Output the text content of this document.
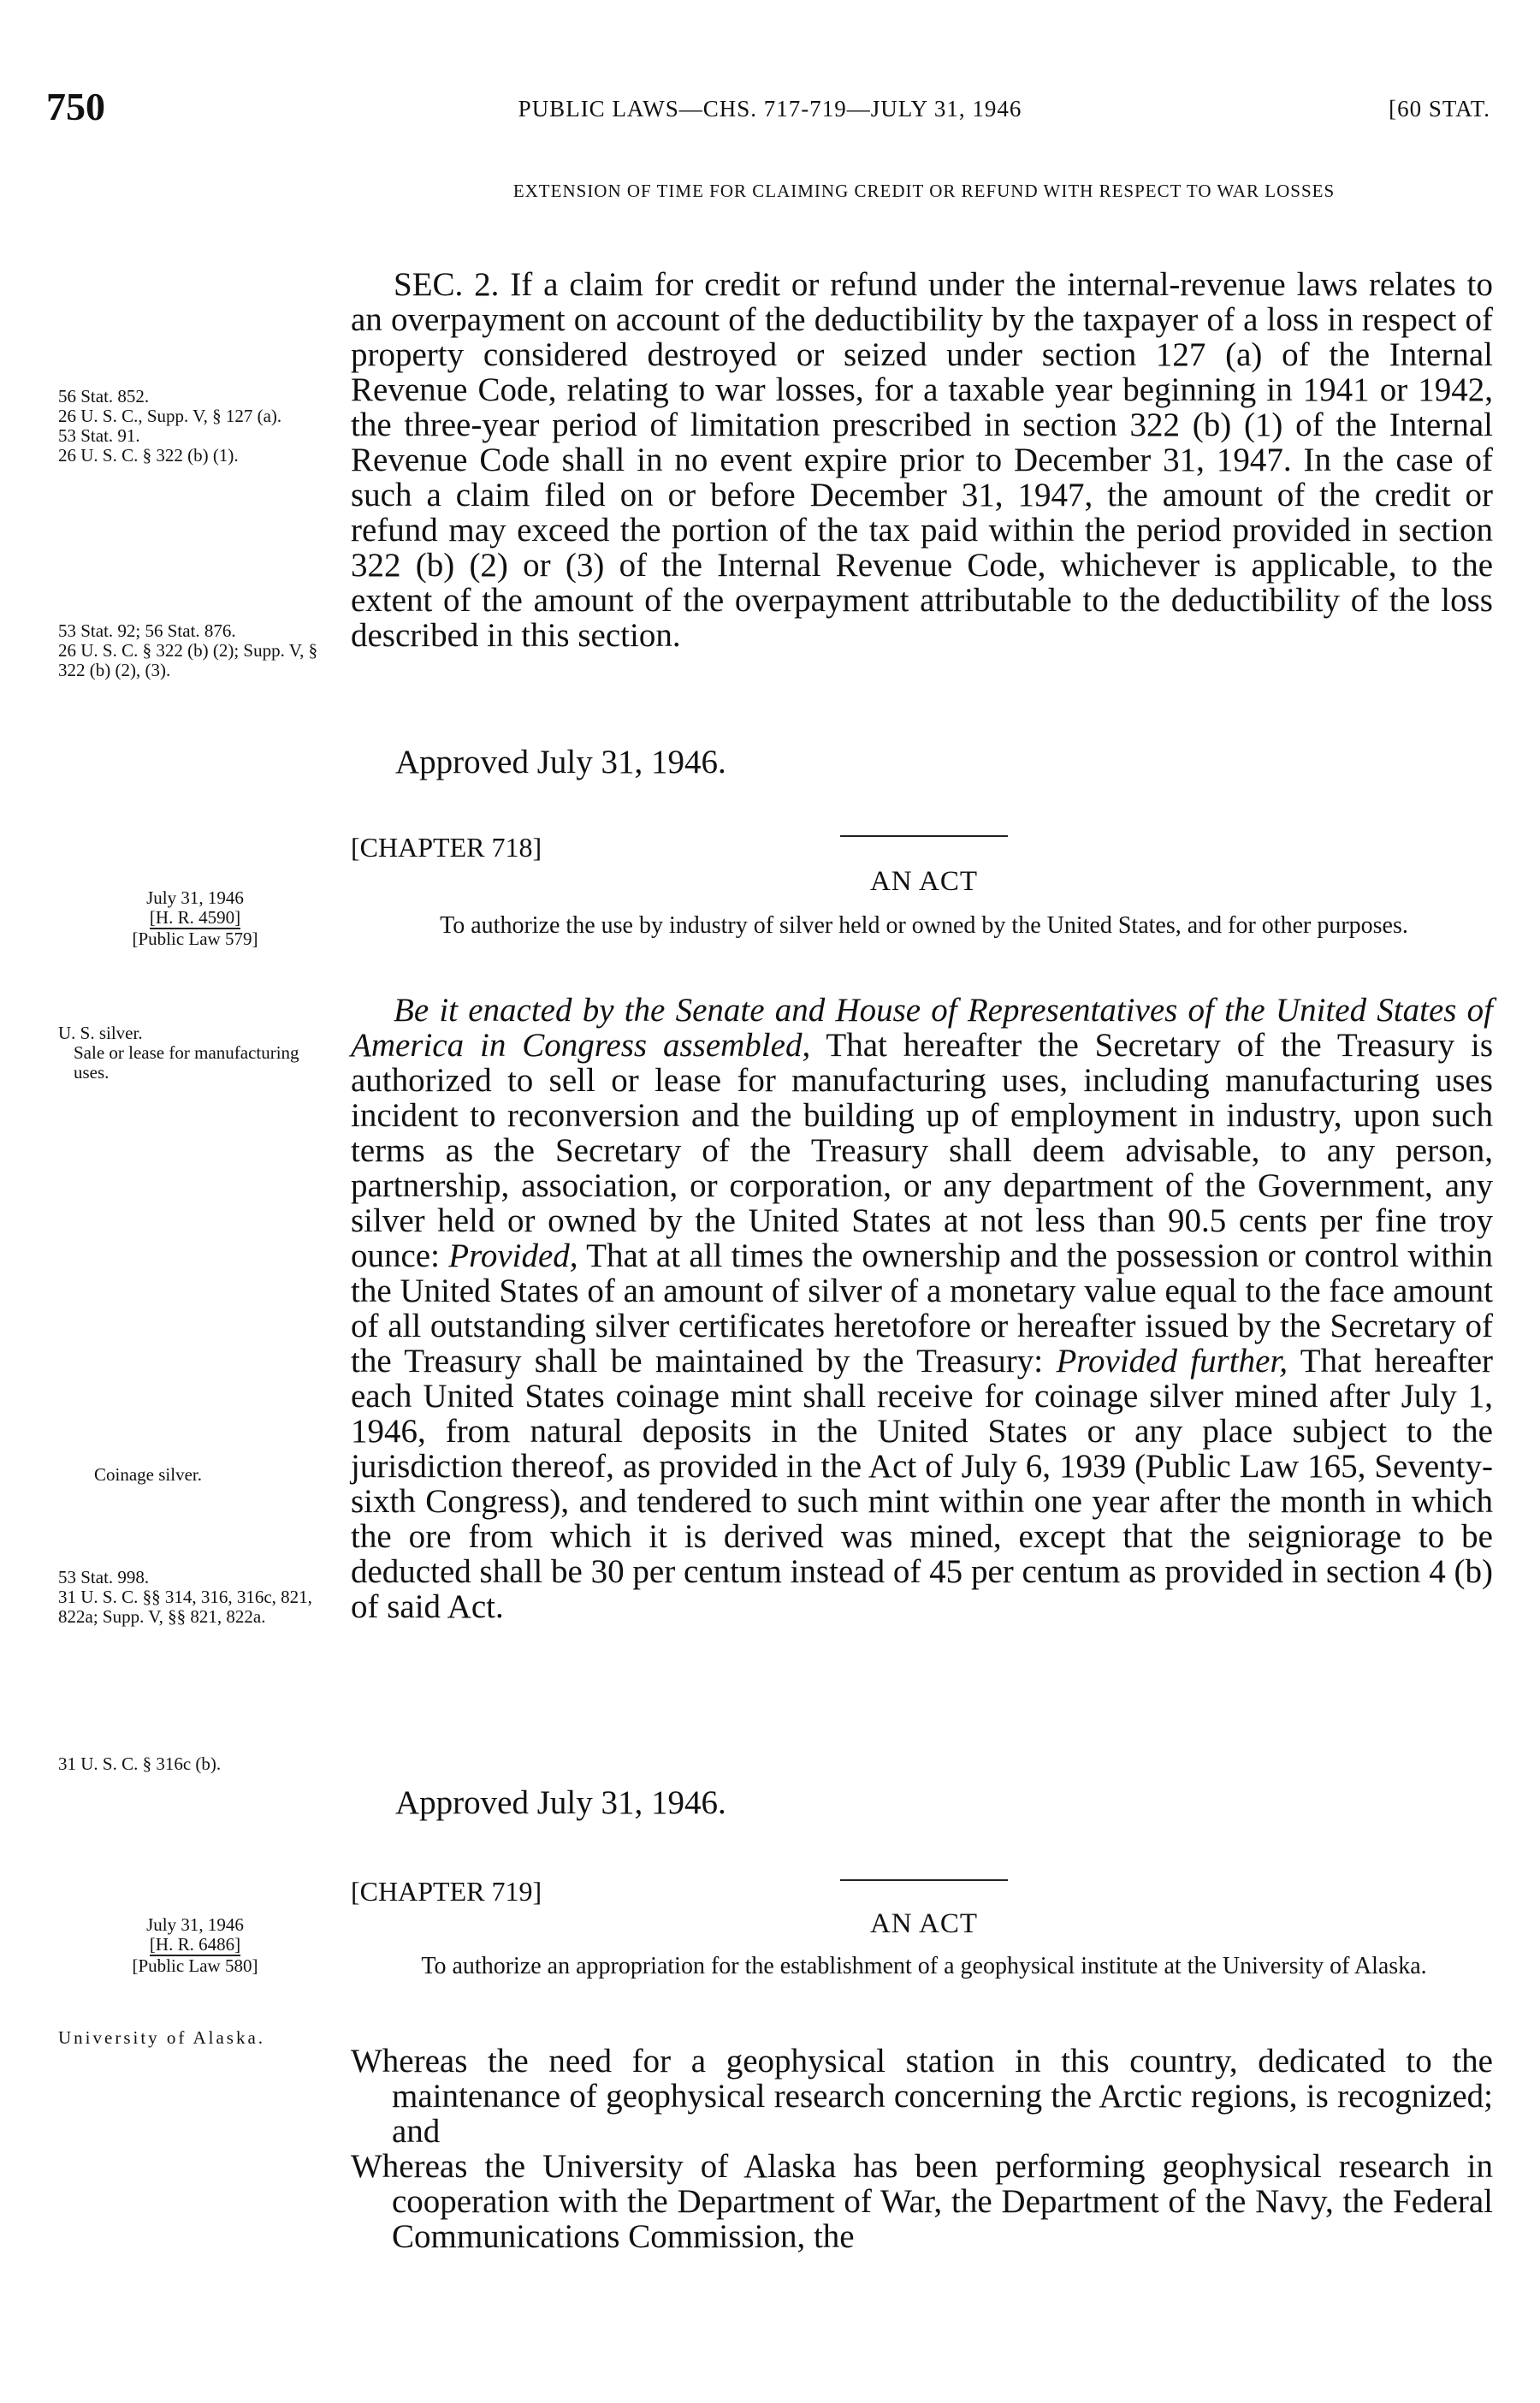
750	PUBLIC LAWS—CHS. 717-719—JULY 31, 1946	[60 STAT.
EXTENSION OF TIME FOR CLAIMING CREDIT OR REFUND WITH RESPECT TO WAR LOSSES

SEC. 2. If a claim for credit or refund under the internal-revenue laws relates to an overpayment on account of the deductibility by the taxpayer of a loss in respect of property considered destroyed or seized under section 127 (a) of the Internal Revenue Code, relating to war losses, for a taxable year beginning in 1941 or 1942, the three-year period of limitation prescribed in section 322 (b) (1) of the Internal Revenue Code shall in no event expire prior to December 31, 1947. In the case of such a claim filed on or before December 31, 1947, the amount of the credit or refund may exceed the portion of the tax paid within the period provided in section 322 (b) (2) or (3) of the Internal Revenue Code, whichever is applicable, to the extent of the amount of the overpayment attributable to the deductibility of the loss described in this section.

Approved July 31, 1946.

56 Stat. 852.

26 U. S. C., Supp. V, § 127 (a).

53 Stat. 91.

26 U. S. C. § 322 (b) (1).

53 Stat. 92; 56 Stat. 876.

26 U. S. C. § 322 (b) (2); Supp. V, § 322 (b) (2), (3).

[CHAPTER 718]
AN ACT
To authorize the use by industry of silver held or owned by the United States, and for other purposes.

July 31, 1946

[H. R. 4590]

[Public Law 579]

U. S. silver.

Sale or lease for manufacturing uses.

Be it enacted by the Senate and House of Representatives of the United States of America in Congress assembled, That hereafter the Secretary of the Treasury is authorized to sell or lease for manufacturing uses, including manufacturing uses incident to reconversion and the building up of employment in industry, upon such terms as the Secretary of the Treasury shall deem advisable, to any person, partnership, association, or corporation, or any department of the Government, any silver held or owned by the United States at not less than 90.5 cents per fine troy ounce: Provided, That at all times the ownership and the possession or control within the United States of an amount of silver of a monetary value equal to the face amount of all outstanding silver certificates heretofore or hereafter issued by the Secretary of the Treasury shall be maintained by the Treasury: Provided further, That hereafter each United States coinage mint shall receive for coinage silver mined after July 1, 1946, from natural deposits in the United States or any place subject to the jurisdiction thereof, as provided in the Act of July 6, 1939 (Public Law 165, Seventy-sixth Congress), and tendered to such mint within one year after the month in which the ore from which it is derived was mined, except that the seigniorage to be deducted shall be 30 per centum instead of 45 per centum as provided in section 4 (b) of said Act.

Approved July 31, 1946.

Coinage silver.

53 Stat. 998.

31 U. S. C. §§ 314, 316, 316c, 821, 822a; Supp. V, §§ 821, 822a.

31 U. S. C. § 316c (b).

[CHAPTER 719]
AN ACT
To authorize an appropriation for the establishment of a geophysical institute at the University of Alaska.

July 31, 1946

[H. R. 6486]

[Public Law 580]

University of Alaska.

Whereas the need for a geophysical station in this country, dedicated to the maintenance of geophysical research concerning the Arctic regions, is recognized; and

Whereas the University of Alaska has been performing geophysical research in cooperation with the Department of War, the Department of the Navy, the Federal Communications Commission, the
